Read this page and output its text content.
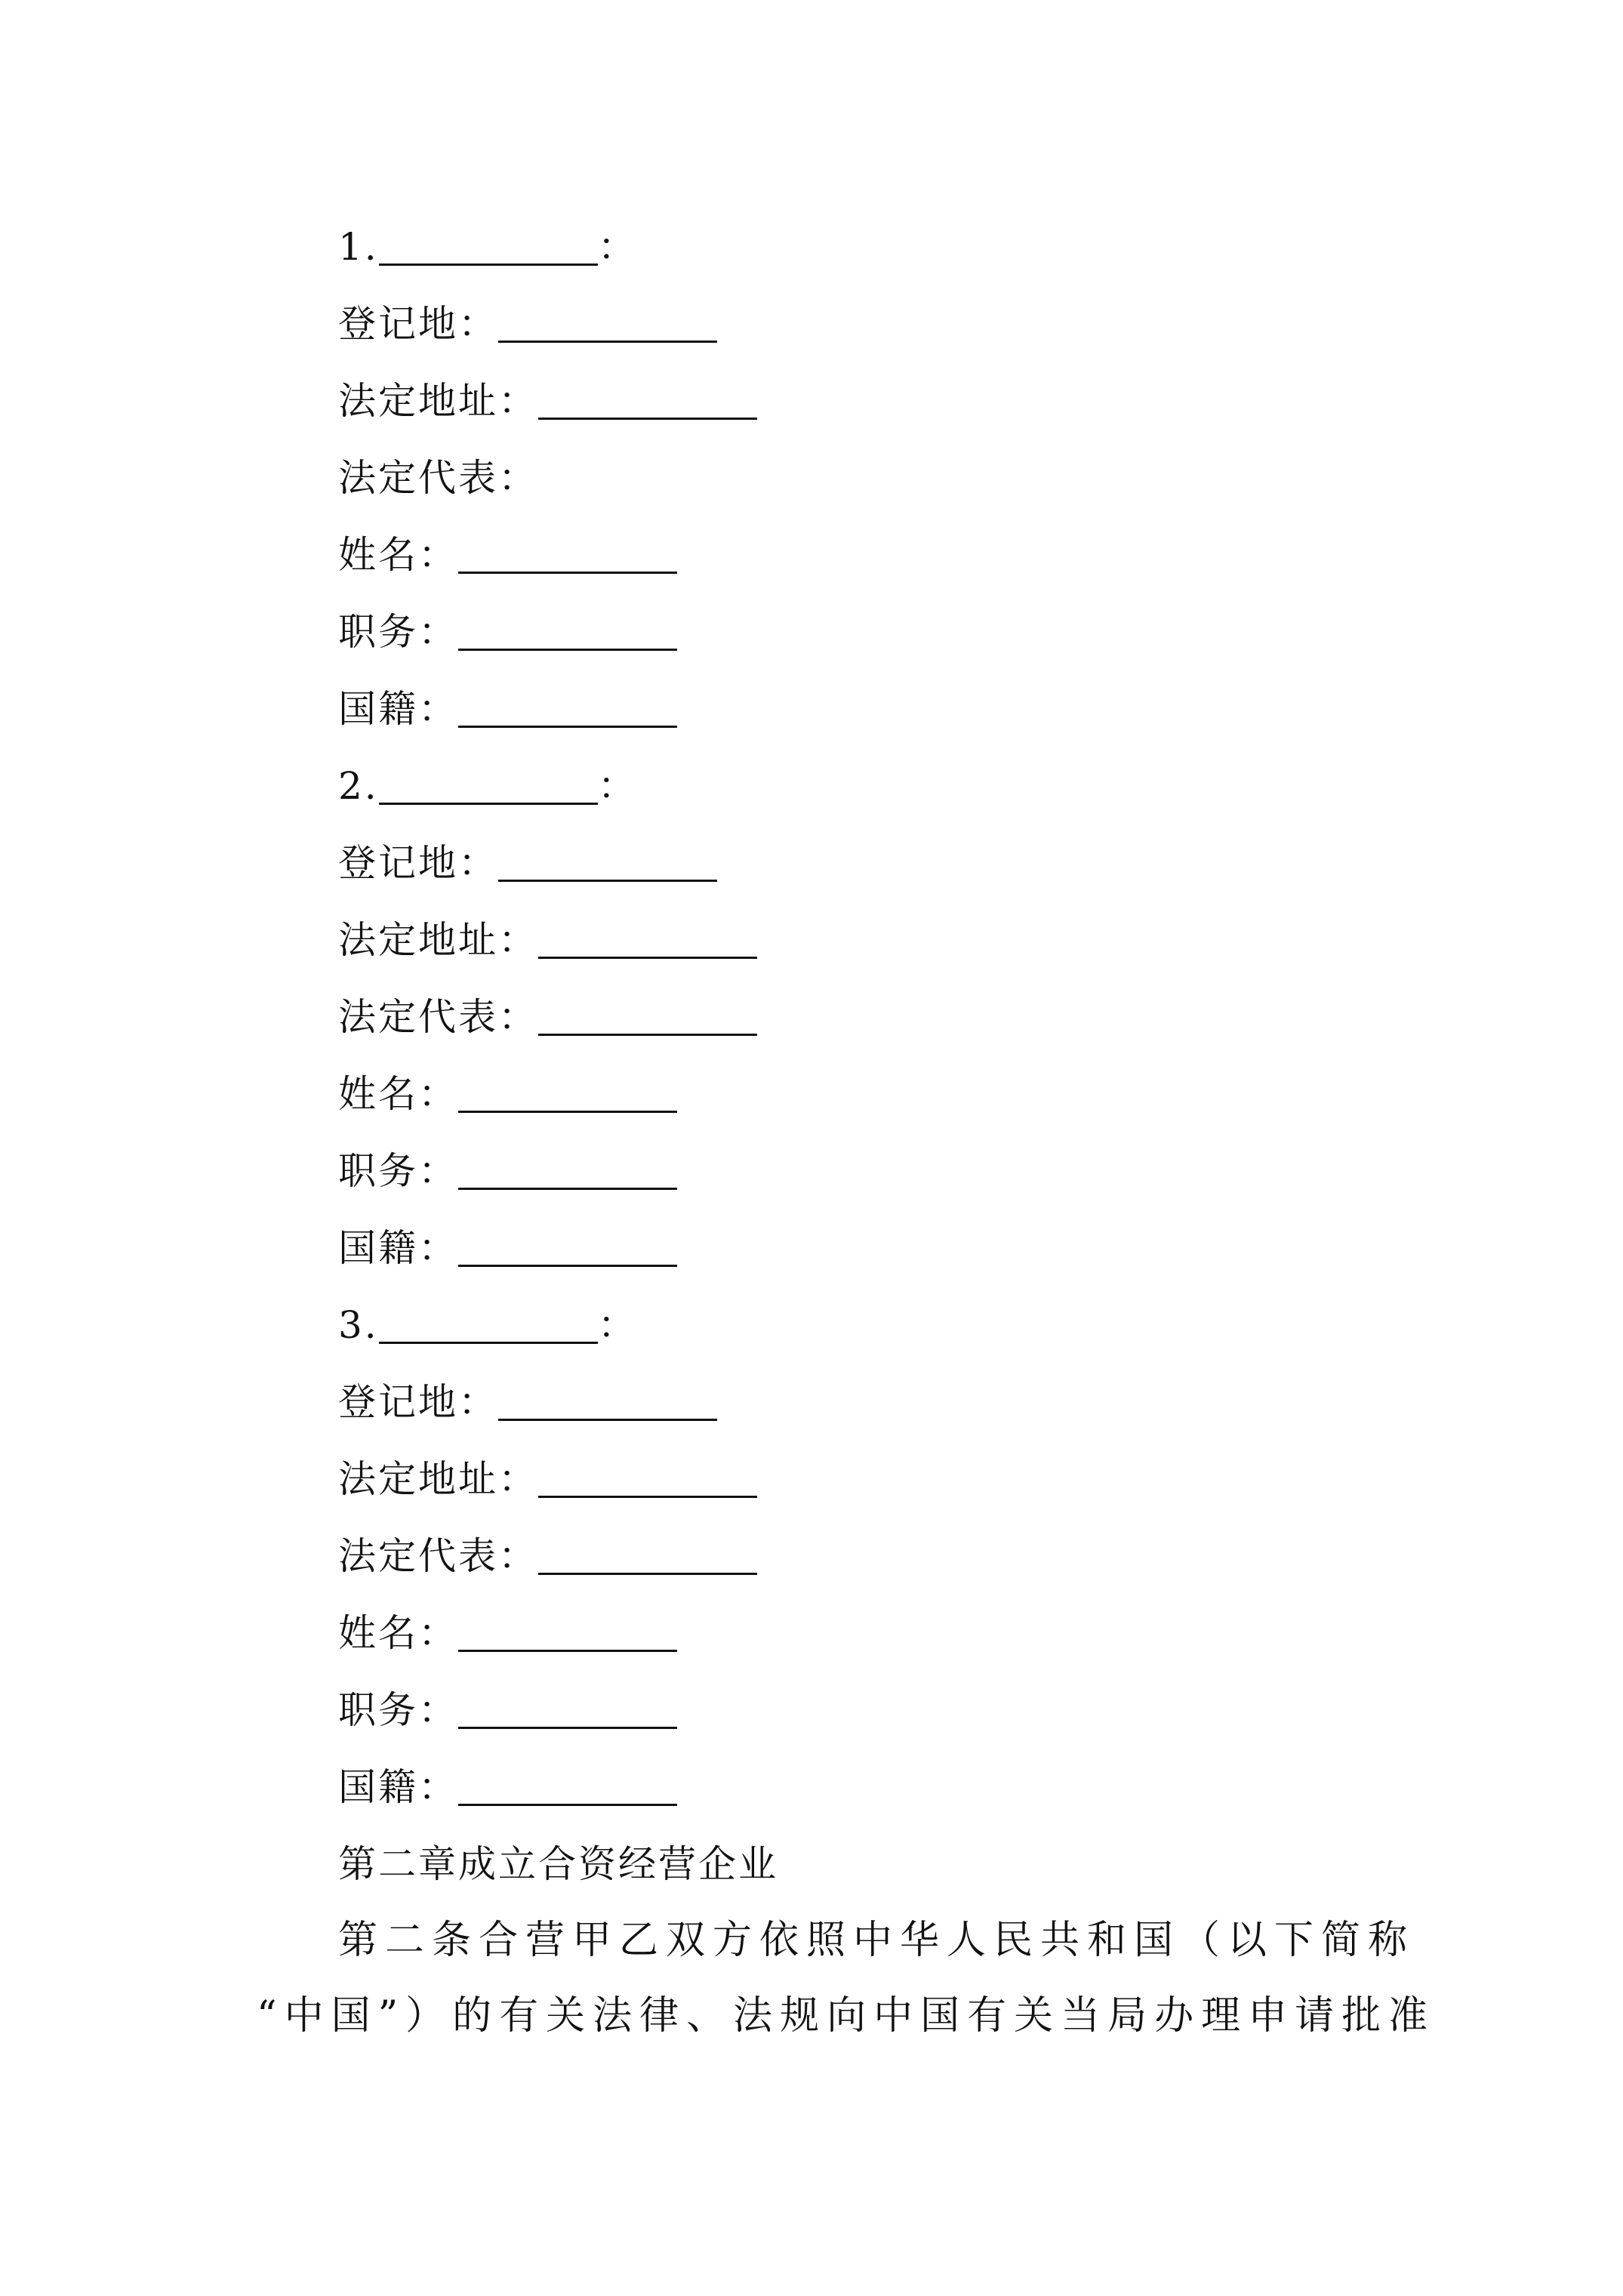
1.	：
登记地：
法定地址：
法定代表：
姓名：
职务：
国籍：
2.	：
登记地：
法定地址：
法定代表：
姓名：
职务：
国籍：
3.	：
登记地：
法定地址：
法定代表：
姓名：
职务：
国籍：
第二章成立合资经营企业
第二条合营甲乙双方依照中华人民共和国（以下简称
“中国”）的有关法律、法规向中国有关当局办理申请批准
